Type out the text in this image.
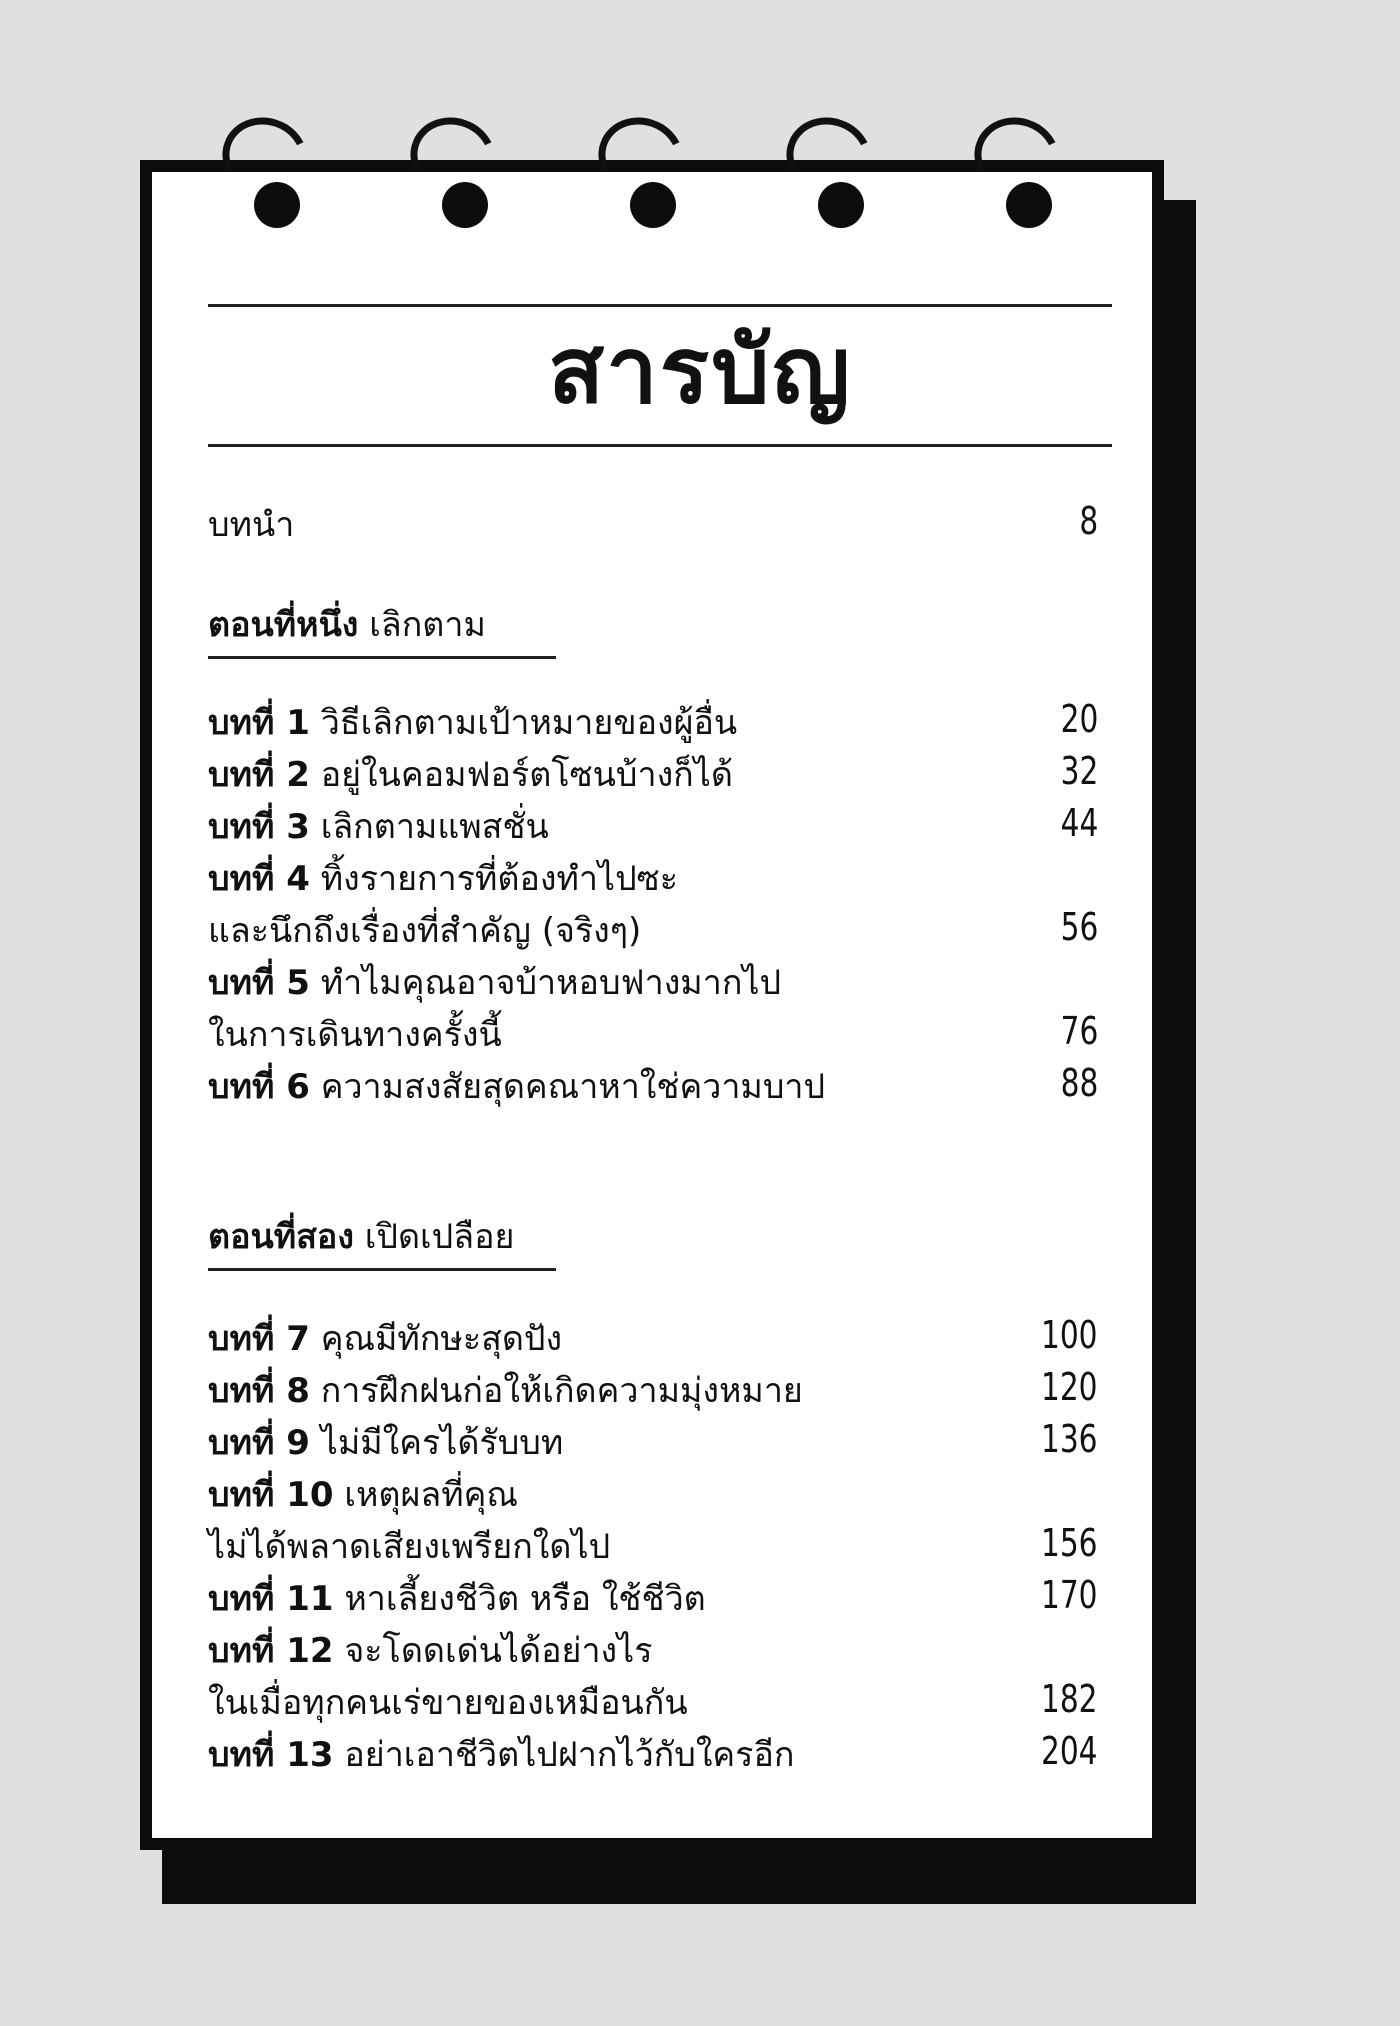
สารบัญ
บทนำ	8
ตอนที่หนึ่ง เลิกตาม
บทที่ 1 วิธีเลิกตามเป้าหมายของผู้อื่น	20
บทที่ 2 อยู่ในคอมฟอร์ตโซนบ้างก็ได้	32
บทที่ 3 เลิกตามแพสชั่น	44
บทที่ 4 ทิ้งรายการที่ต้องทำไปซะ
และนึกถึงเรื่องที่สำคัญ (จริงๆ)	56
บทที่ 5 ทำไมคุณอาจบ้าหอบฟางมากไป
ในการเดินทางครั้งนี้	76
บทที่ 6 ความสงสัยสุดคณาหาใช่ความบาป	88
ตอนที่สอง เปิดเปลือย
บทที่ 7 คุณมีทักษะสุดปัง	100
บทที่ 8 การฝึกฝนก่อให้เกิดความมุ่งหมาย	120
บทที่ 9 ไม่มีใครได้รับบท	136
บทที่ 10 เหตุผลที่คุณ
ไม่ได้พลาดเสียงเพรียกใดไป	156
บทที่ 11 หาเลี้ยงชีวิต หรือ ใช้ชีวิต	170
บทที่ 12 จะโดดเด่นได้อย่างไร
ในเมื่อทุกคนเร่ขายของเหมือนกัน	182
บทที่ 13 อย่าเอาชีวิตไปฝากไว้กับใครอีก	204
